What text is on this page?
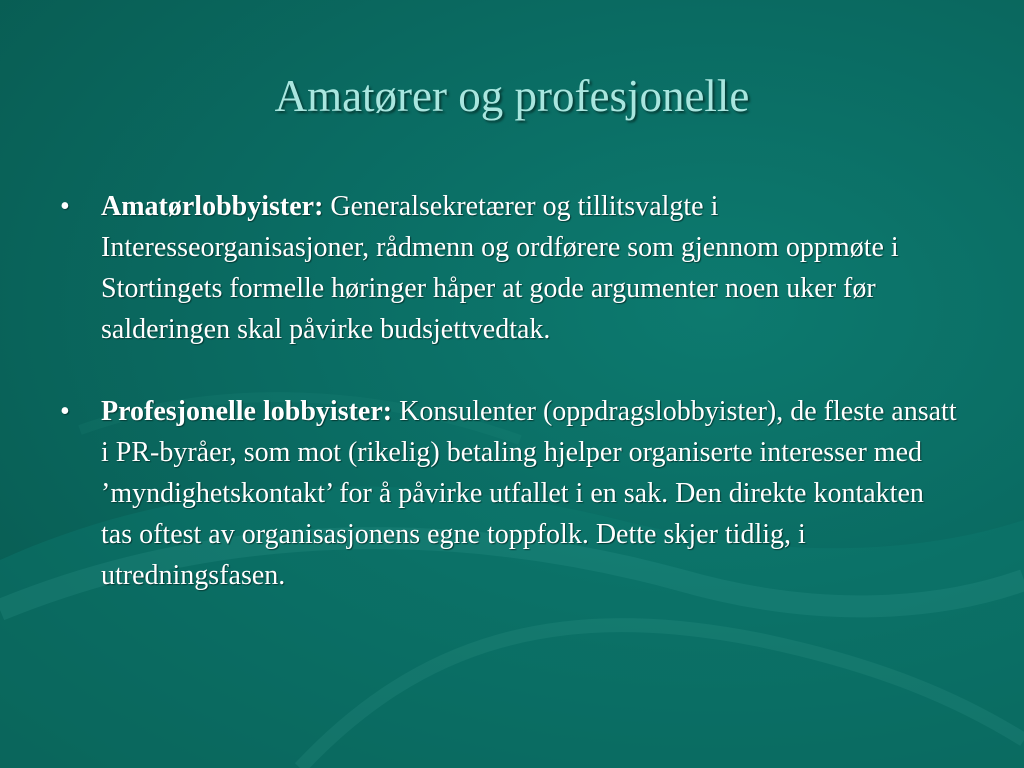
Amatører og profesjonelle
• Amatørlobbyister: Generalsekretærer og tillitsvalgte i Interesseorganisasjoner, rådmenn og ordførere som gjennom oppmøte i Stortingets formelle høringer håper at gode argumenter noen uker før salderingen skal påvirke budsjettvedtak.
• Profesjonelle lobbyister: Konsulenter (oppdragslobbyister), de fleste ansatt i PR-byråer, som mot (rikelig) betaling hjelper organiserte interesser med ’myndighetskontakt’ for å påvirke utfallet i en sak. Den direkte kontakten tas oftest av organisasjonens egne toppfolk. Dette skjer tidlig, i utredningsfasen.
